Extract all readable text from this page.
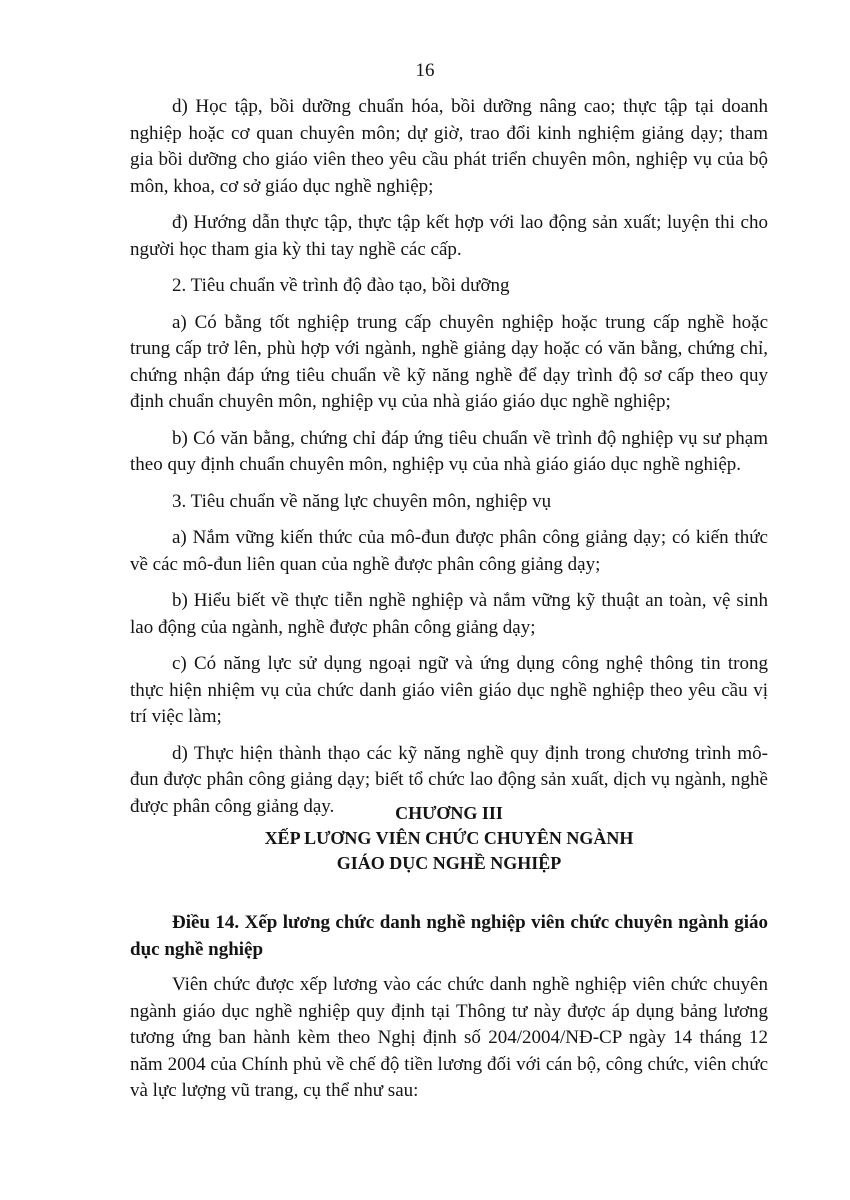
16

d) Học tập, bồi dưỡng chuẩn hóa, bồi dưỡng nâng cao; thực tập tại doanh nghiệp hoặc cơ quan chuyên môn; dự giờ, trao đổi kinh nghiệm giảng dạy; tham gia bồi dưỡng cho giáo viên theo yêu cầu phát triển chuyên môn, nghiệp vụ của bộ môn, khoa, cơ sở giáo dục nghề nghiệp;

đ) Hướng dẫn thực tập, thực tập kết hợp với lao động sản xuất; luyện thi cho người học tham gia kỳ thi tay nghề các cấp.

2. Tiêu chuẩn về trình độ đào tạo, bồi dưỡng

a) Có bằng tốt nghiệp trung cấp chuyên nghiệp hoặc trung cấp nghề hoặc trung cấp trở lên, phù hợp với ngành, nghề giảng dạy hoặc có văn bằng, chứng chỉ, chứng nhận đáp ứng tiêu chuẩn về kỹ năng nghề để dạy trình độ sơ cấp theo quy định chuẩn chuyên môn, nghiệp vụ của nhà giáo giáo dục nghề nghiệp;

b) Có văn bằng, chứng chỉ đáp ứng tiêu chuẩn về trình độ nghiệp vụ sư phạm theo quy định chuẩn chuyên môn, nghiệp vụ của nhà giáo giáo dục nghề nghiệp.

3. Tiêu chuẩn về năng lực chuyên môn, nghiệp vụ

a) Nắm vững kiến thức của mô-đun được phân công giảng dạy; có kiến thức về các mô-đun liên quan của nghề được phân công giảng dạy;

b) Hiểu biết về thực tiễn nghề nghiệp và nắm vững kỹ thuật an toàn, vệ sinh lao động của ngành, nghề được phân công giảng dạy;

c) Có năng lực sử dụng ngoại ngữ và ứng dụng công nghệ thông tin trong thực hiện nhiệm vụ của chức danh giáo viên giáo dục nghề nghiệp theo yêu cầu vị trí việc làm;

d) Thực hiện thành thạo các kỹ năng nghề quy định trong chương trình mô-đun được phân công giảng dạy; biết tổ chức lao động sản xuất, dịch vụ ngành, nghề được phân công giảng dạy.	CHƯƠNG III
XẾP LƯƠNG VIÊN CHỨC CHUYÊN NGÀNH
GIÁO DỤC NGHỀ NGHIỆP

Điều 14. Xếp lương chức danh nghề nghiệp viên chức chuyên ngành giáo dục nghề nghiệp

Viên chức được xếp lương vào các chức danh nghề nghiệp viên chức chuyên ngành giáo dục nghề nghiệp quy định tại Thông tư này được áp dụng bảng lương tương ứng ban hành kèm theo Nghị định số 204/2004/NĐ-CP ngày 14 tháng 12 năm 2004 của Chính phủ về chế độ tiền lương đối với cán bộ, công chức, viên chức và lực lượng vũ trang, cụ thể như sau:
